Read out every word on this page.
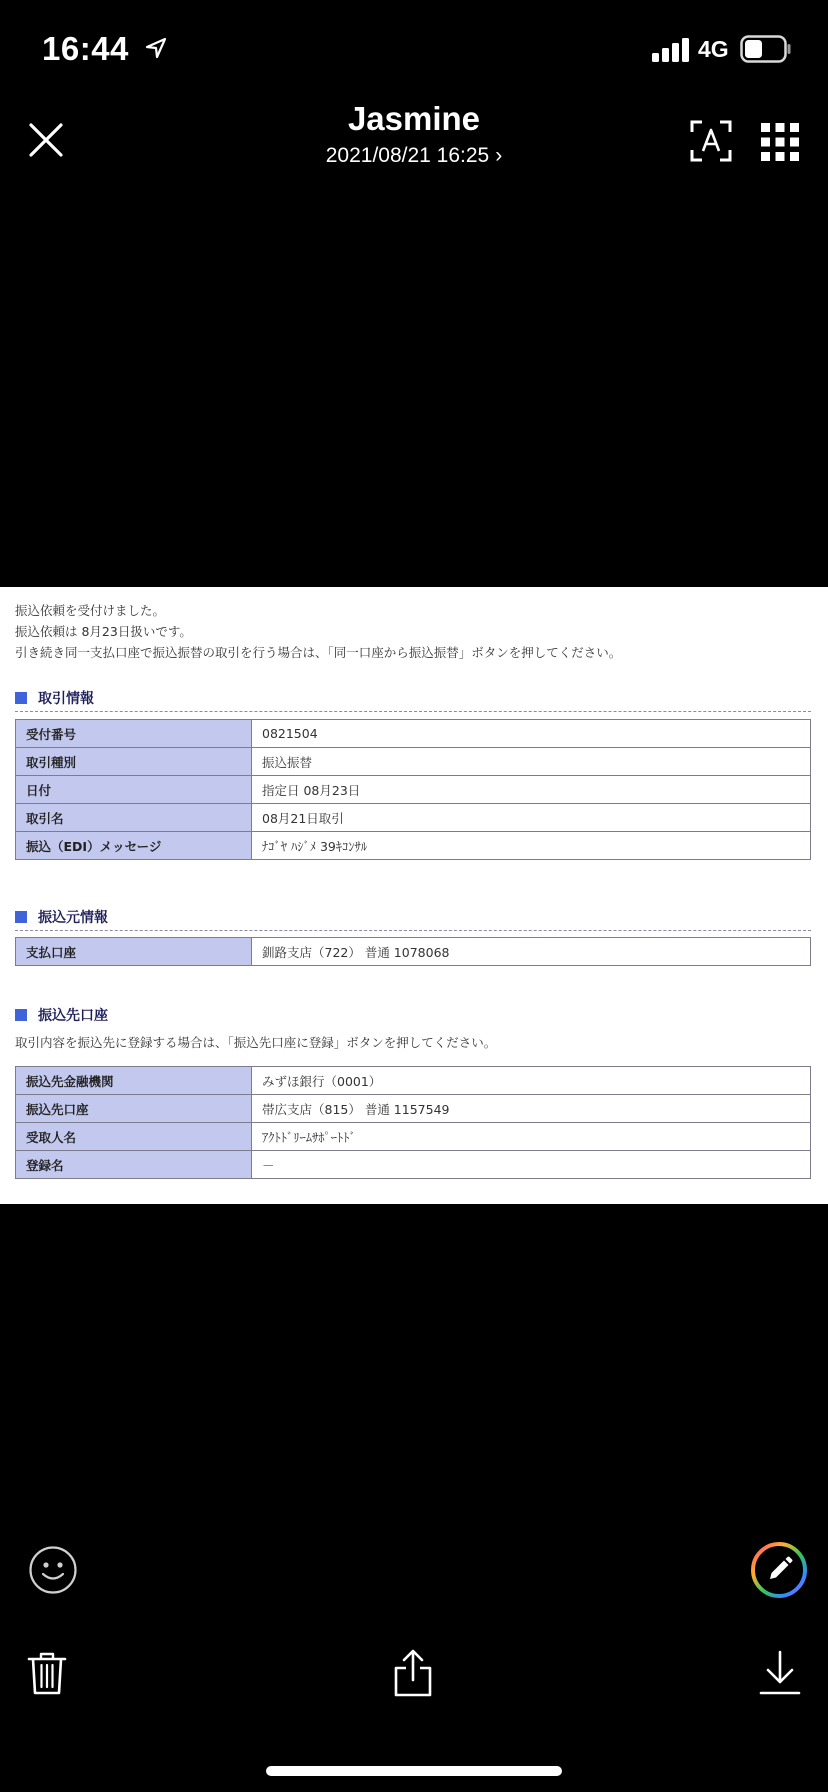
16:44	4G
Jasmine
2021/08/21 16:25 ›
振込依頼を受付けました。
振込依頼は 8月23日扱いです。
引き続き同一支払口座で振込振替の取引を行う場合は、「同一口座から振込振替」ボタンを押してください。
取引情報
受付番号	0821504
取引種別	振込振替
日付	指定日 08月23日
取引名	08月21日取引
振込（EDI）メッセージ	ﾅｺﾞﾔ ﾊｼﾞﾒ 39ｷｺﾝｻﾙ
振込元情報
支払口座	釧路支店（722） 普通 1078068
振込先口座
取引内容を振込先に登録する場合は、「振込先口座に登録」ボタンを押してください。
振込先金融機関	みずほ銀行（0001）
振込先口座	帯広支店（815） 普通 1157549
受取人名	ｱｸﾄﾄﾞﾘｰﾑｻﾎﾟｰﾄﾄﾞ
登録名	－
